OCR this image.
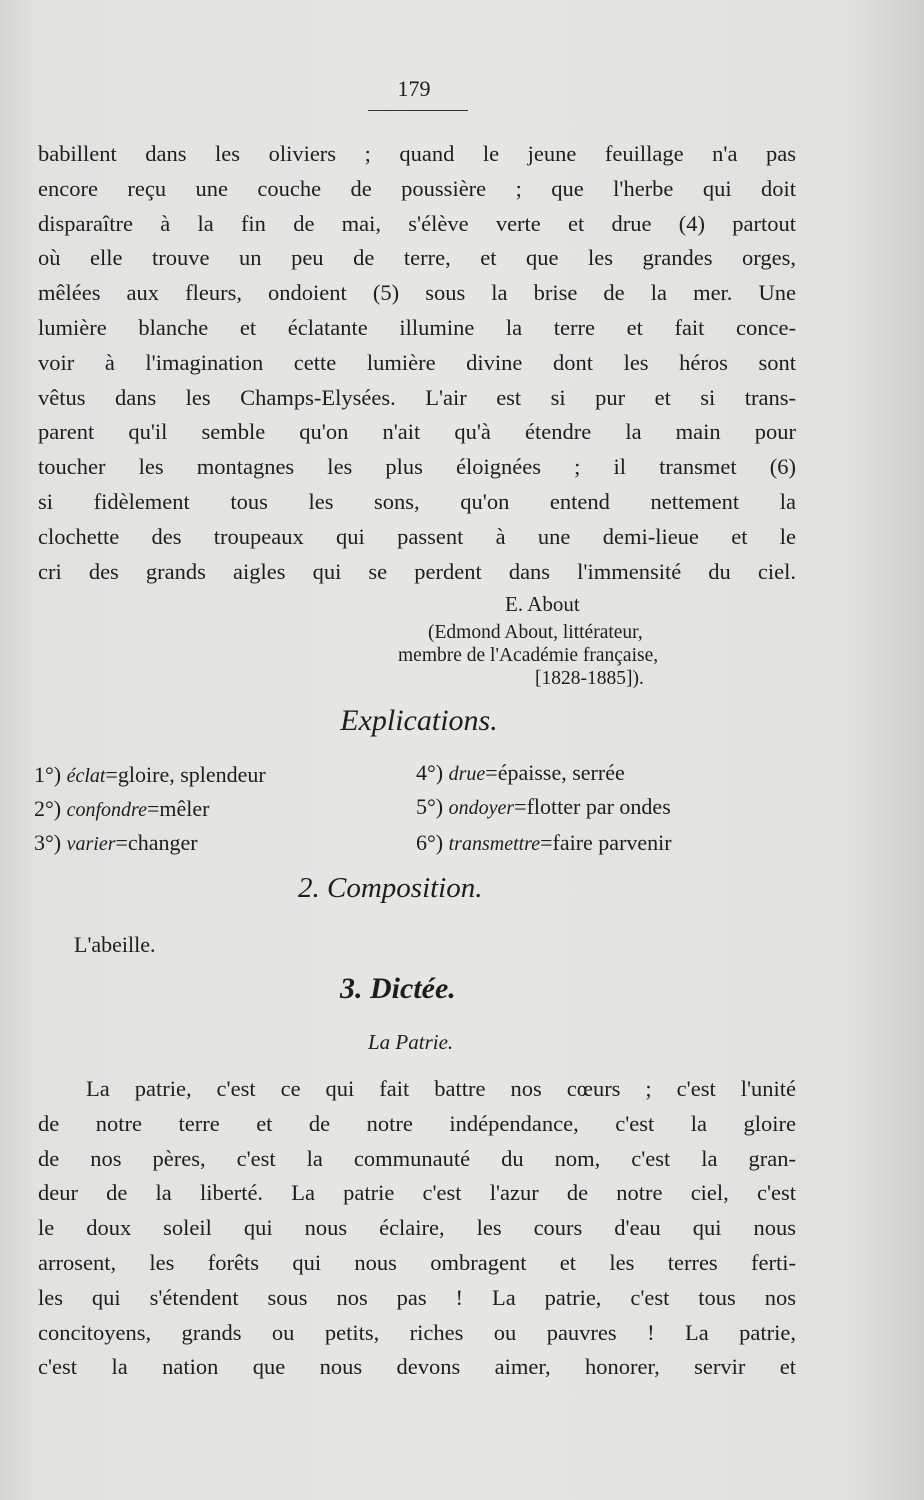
179
babillent dans les oliviers ; quand le jeune feuillage n'a pas
encore reçu une couche de poussière ; que l'herbe qui doit
disparaître à la fin de mai, s'élève verte et drue (4) partout
où elle trouve un peu de terre, et que les grandes orges,
mêlées aux fleurs, ondoient (5) sous la brise de la mer. Une
lumière blanche et éclatante illumine la terre et fait conce-
voir à l'imagination cette lumière divine dont les héros sont
vêtus dans les Champs-Elysées. L'air est si pur et si trans-
parent qu'il semble qu'on n'ait qu'à étendre la main pour
toucher les montagnes les plus éloignées ; il transmet (6)
si fidèlement tous les sons, qu'on entend nettement la
clochette des troupeaux qui passent à une demi-lieue et le
cri des grands aigles qui se perdent dans l'immensité du ciel.
E. About
(Edmond About, littérateur,
membre de l'Académie française,
[1828-1885]).
Explications.
1°) éclat=gloire, splendeur
2°) confondre=mêler
3°) varier=changer
4°) drue=épaisse, serrée
5°) ondoyer=flotter par ondes
6°) transmettre=faire parvenir
2. Composition.
L'abeille.
3. Dictée.
La Patrie.
La patrie, c'est ce qui fait battre nos cœurs ; c'est l'unité
de notre terre et de notre indépendance, c'est la gloire
de nos pères, c'est la communauté du nom, c'est la gran-
deur de la liberté. La patrie c'est l'azur de notre ciel, c'est
le doux soleil qui nous éclaire, les cours d'eau qui nous
arrosent, les forêts qui nous ombragent et les terres ferti-
les qui s'étendent sous nos pas ! La patrie, c'est tous nos
concitoyens, grands ou petits, riches ou pauvres ! La patrie,
c'est la nation que nous devons aimer, honorer, servir et
